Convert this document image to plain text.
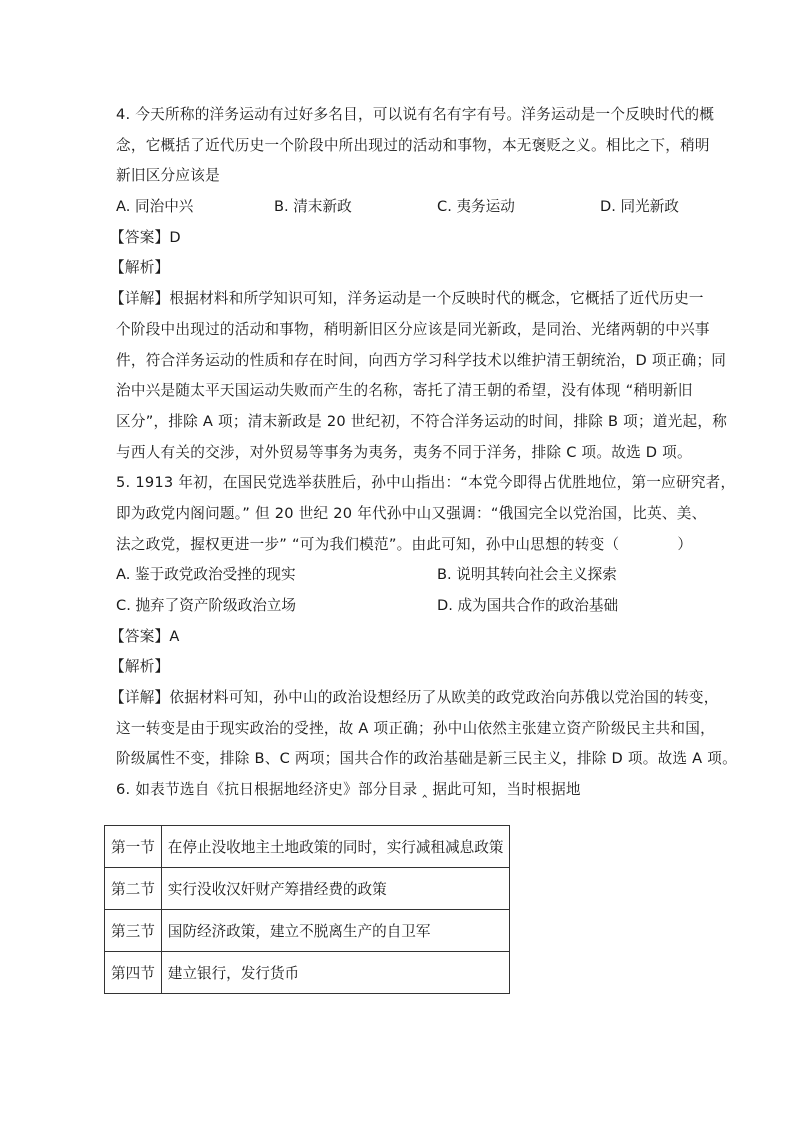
4. 今天所称的洋务运动有过好多名目，可以说有名有字有号。洋务运动是一个反映时代的概
念，它概括了近代历史一个阶段中所出现过的活动和事物，本无褒贬之义。相比之下，稍明
新旧区分应该是
A. 同治中兴	B. 清末新政	C. 夷务运动	D. 同光新政
【答案】D
【解析】
【详解】根据材料和所学知识可知，洋务运动是一个反映时代的概念，它概括了近代历史一
个阶段中出现过的活动和事物，稍明新旧区分应该是同光新政，是同治、光绪两朝的中兴事
件，符合洋务运动的性质和存在时间，向西方学习科学技术以维护清王朝统治，D 项正确；同
治中兴是随太平天国运动失败而产生的名称，寄托了清王朝的希望，没有体现 “稍明新旧
区分”，排除 A 项；清末新政是 20 世纪初，不符合洋务运动的时间，排除 B 项；道光起，称
与西人有关的交涉，对外贸易等事务为夷务，夷务不同于洋务，排除 C 项。故选 D 项。
5. 1913 年初，在国民党选举获胜后，孙中山指出：“本党今即得占优胜地位，第一应研究者，
即为政党内阁问题。” 但 20 世纪 20 年代孙中山又强调：“俄国完全以党治国，比英、美、
法之政党，握权更进一步” “可为我们模范”。由此可知，孙中山思想的转变（	）
A. 鉴于政党政治受挫的现实	B. 说明其转向社会主义探索
C. 抛弃了资产阶级政治立场	D. 成为国共合作的政治基础
【答案】A
【解析】
【详解】依据材料可知，孙中山的政治设想经历了从欧美的政党政治向苏俄以党治国的转变，
这一转变是由于现实政治的受挫，故 A 项正确；孙中山依然主张建立资产阶级民主共和国，
阶级属性不变，排除 B、C 两项；国共合作的政治基础是新三民主义，排除 D 项。故选 A 项。
6. 如表节选自《抗日根据地经济史》部分目录 ‸ 据此可知，当时根据地
第一节	在停止没收地主土地政策的同时，实行减租减息政策
第二节	实行没收汉奸财产筹措经费的政策
第三节	国防经济政策，建立不脱离生产的自卫军
第四节	建立银行，发行货币
